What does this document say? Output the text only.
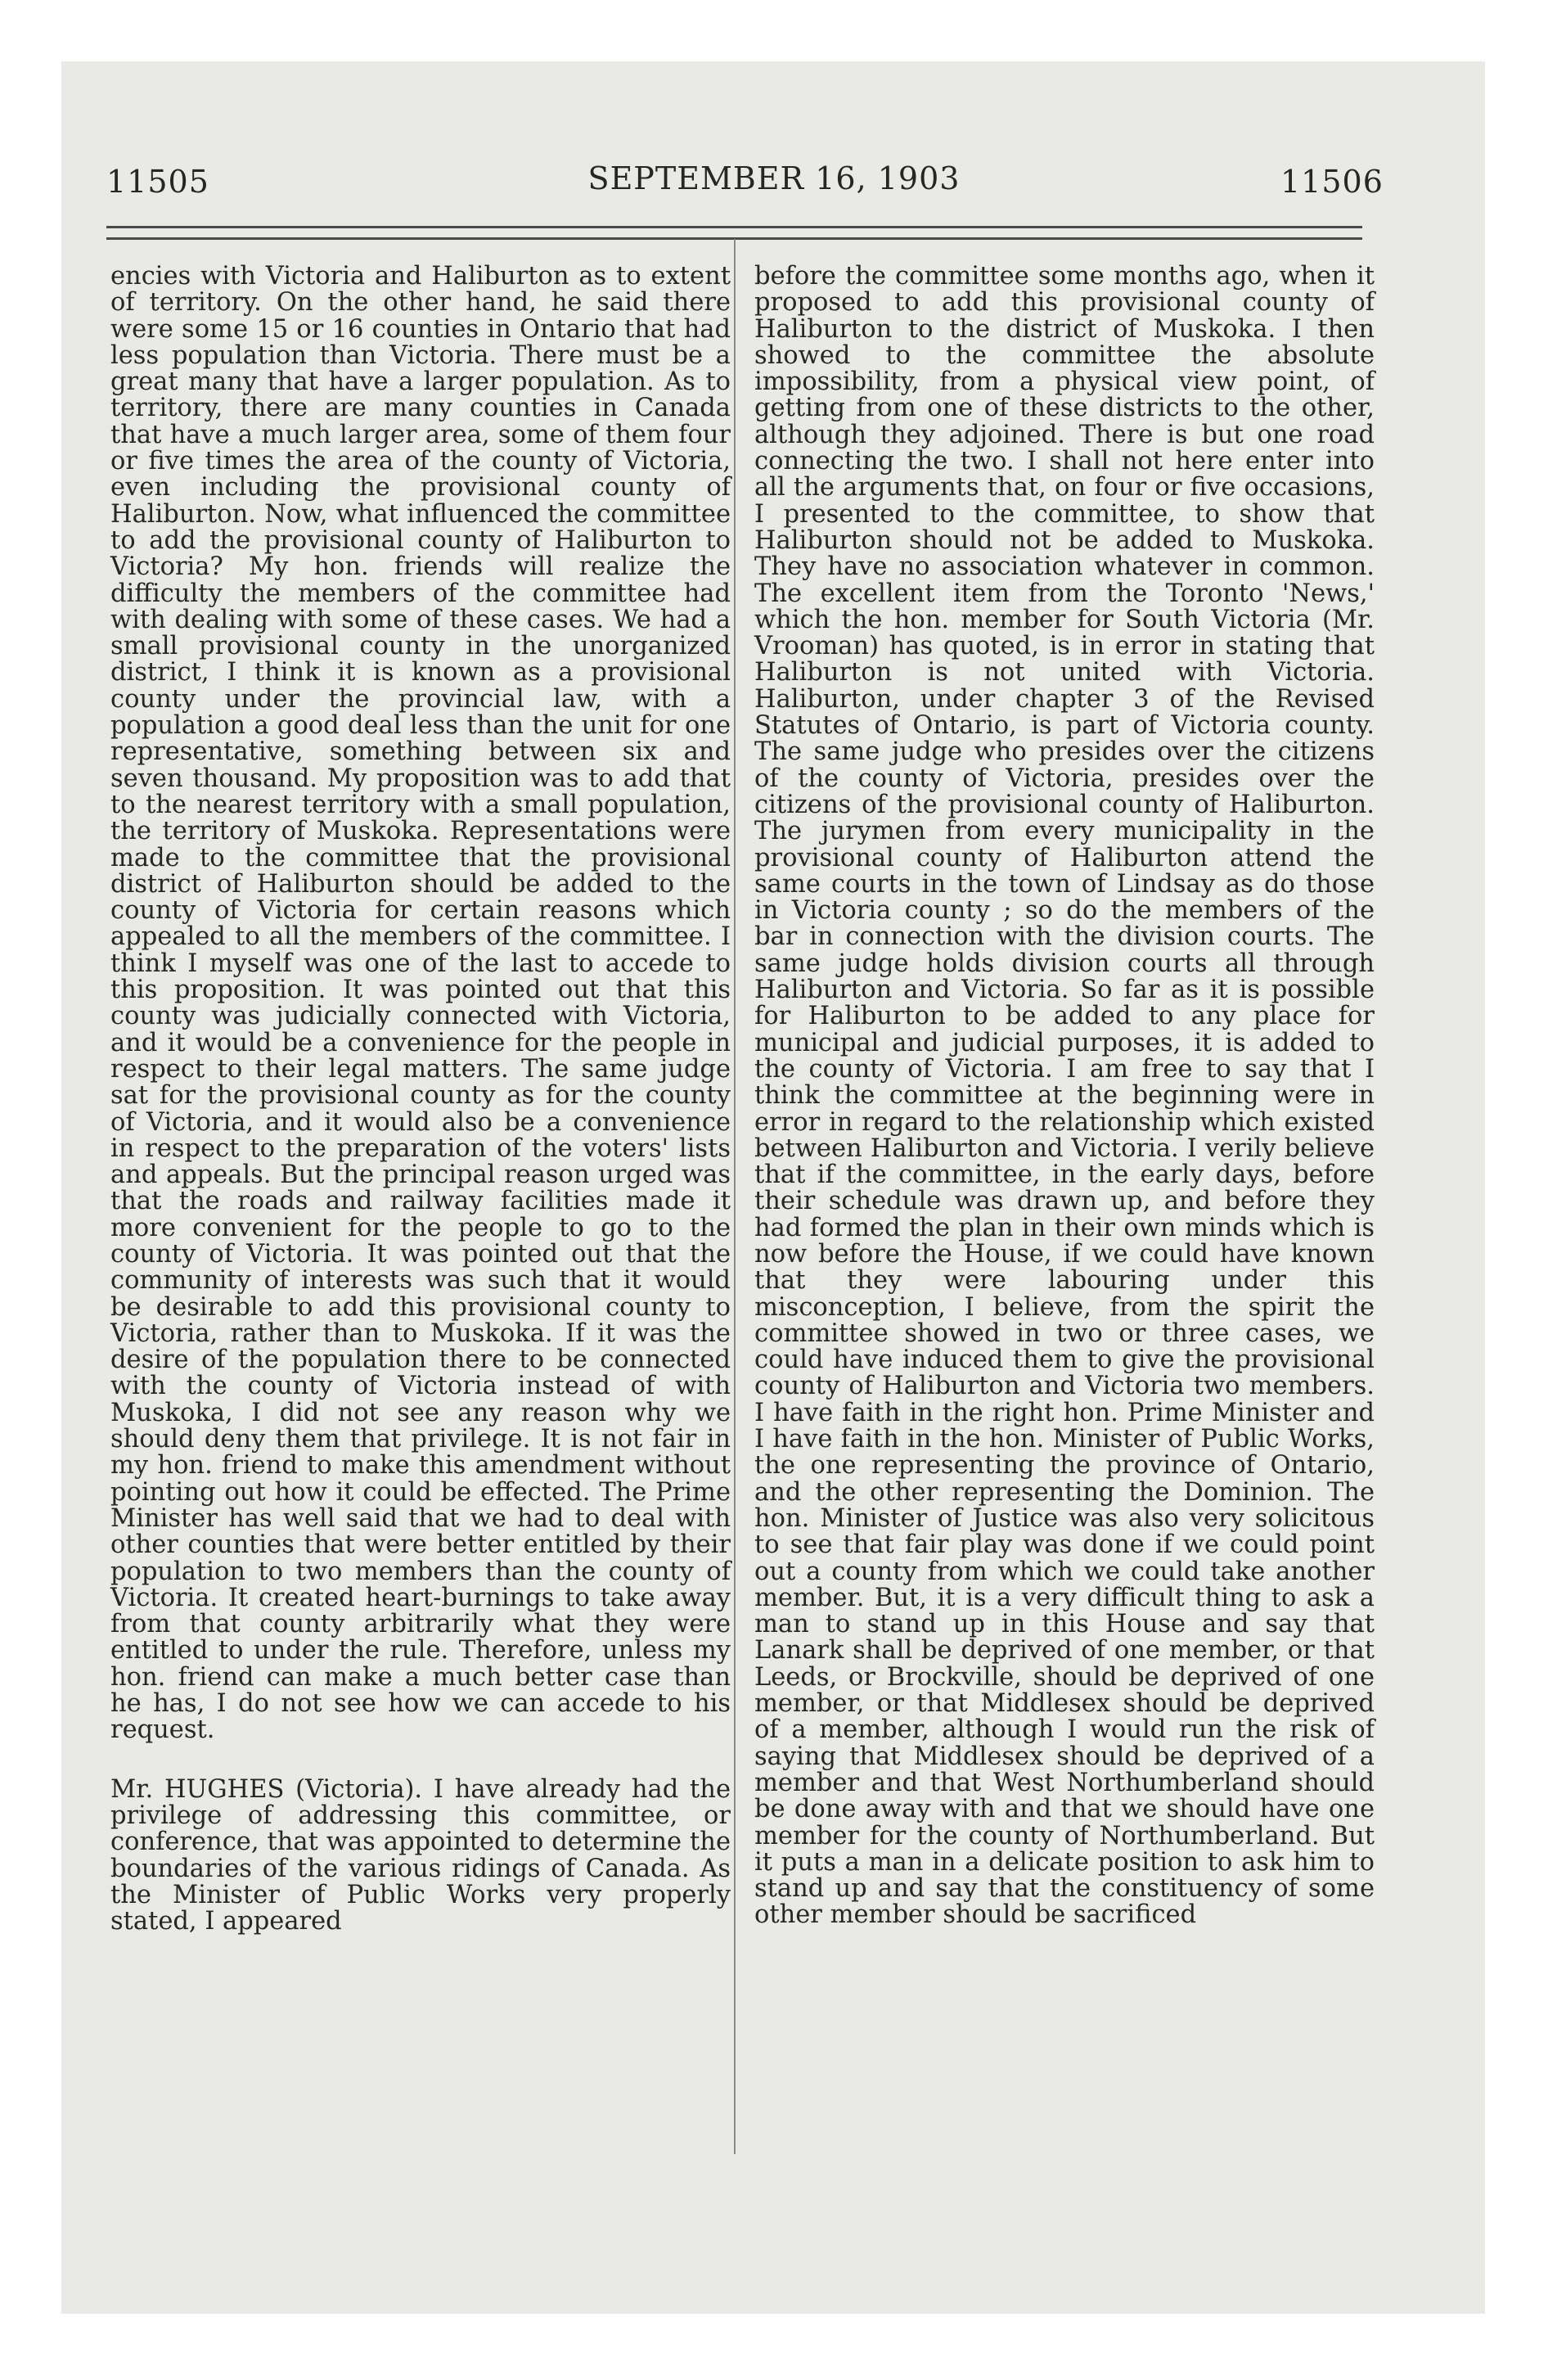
11505	SEPTEMBER 16, 1903	11506

encies with Victoria and Haliburton as to extent of territory. On the other hand, he said there were some 15 or 16 counties in Ontario that had less population than Victoria. There must be a great many that have a larger population. As to territory, there are many counties in Canada that have a much larger area, some of them four or five times the area of the county of Victoria, even including the provisional county of Haliburton. Now, what influenced the committee to add the provisional county of Haliburton to Victoria? My hon. friends will realize the difficulty the members of the committee had with dealing with some of these cases. We had a small provisional county in the unorganized district, I think it is known as a provisional county under the provincial law, with a population a good deal less than the unit for one representative, something between six and seven thousand. My proposition was to add that to the nearest territory with a small population, the territory of Muskoka. Representations were made to the committee that the provisional district of Haliburton should be added to the county of Victoria for certain reasons which appealed to all the members of the committee. I think I myself was one of the last to accede to this proposition. It was pointed out that this county was judicially connected with Victoria, and it would be a convenience for the people in respect to their legal matters. The same judge sat for the provisional county as for the county of Victoria, and it would also be a convenience in respect to the preparation of the voters' lists and appeals. But the principal reason urged was that the roads and railway facilities made it more convenient for the people to go to the county of Victoria. It was pointed out that the community of interests was such that it would be desirable to add this provisional county to Victoria, rather than to Muskoka. If it was the desire of the population there to be connected with the county of Victoria instead of with Muskoka, I did not see any reason why we should deny them that privilege. It is not fair in my hon. friend to make this amendment without pointing out how it could be effected. The Prime Minister has well said that we had to deal with other counties that were better entitled by their population to two members than the county of Victoria. It created heart-burnings to take away from that county arbitrarily what they were entitled to under the rule. Therefore, unless my hon. friend can make a much better case than he has, I do not see how we can accede to his request.

Mr. HUGHES (Victoria). I have already had the privilege of addressing this committee, or conference, that was appointed to determine the boundaries of the various ridings of Canada. As the Minister of Public Works very properly stated, I appeared

before the committee some months ago, when it proposed to add this provisional county of Haliburton to the district of Muskoka. I then showed to the committee the absolute impossibility, from a physical view point, of getting from one of these districts to the other, although they adjoined. There is but one road connecting the two. I shall not here enter into all the arguments that, on four or five occasions, I presented to the committee, to show that Haliburton should not be added to Muskoka. They have no association whatever in common. The excellent item from the Toronto 'News,' which the hon. member for South Victoria (Mr. Vrooman) has quoted, is in error in stating that Haliburton is not united with Victoria. Haliburton, under chapter 3 of the Revised Statutes of Ontario, is part of Victoria county. The same judge who presides over the citizens of the county of Victoria, presides over the citizens of the provisional county of Haliburton. The jurymen from every municipality in the provisional county of Haliburton attend the same courts in the town of Lindsay as do those in Victoria county ; so do the members of the bar in connection with the division courts. The same judge holds division courts all through Haliburton and Victoria. So far as it is possible for Haliburton to be added to any place for municipal and judicial purposes, it is added to the county of Victoria. I am free to say that I think the committee at the beginning were in error in regard to the relationship which existed between Haliburton and Victoria. I verily believe that if the committee, in the early days, before their schedule was drawn up, and before they had formed the plan in their own minds which is now before the House, if we could have known that they were labouring under this misconception, I believe, from the spirit the committee showed in two or three cases, we could have induced them to give the provisional county of Haliburton and Victoria two members. I have faith in the right hon. Prime Minister and I have faith in the hon. Minister of Public Works, the one representing the province of Ontario, and the other representing the Dominion. The hon. Minister of Justice was also very solicitous to see that fair play was done if we could point out a county from which we could take another member. But, it is a very difficult thing to ask a man to stand up in this House and say that Lanark shall be deprived of one member, or that Leeds, or Brockville, should be deprived of one member, or that Middlesex should be deprived of a member, although I would run the risk of saying that Middlesex should be deprived of a member and that West Northumberland should be done away with and that we should have one member for the county of Northumberland. But it puts a man in a delicate position to ask him to stand up and say that the constituency of some other member should be sacrificed
